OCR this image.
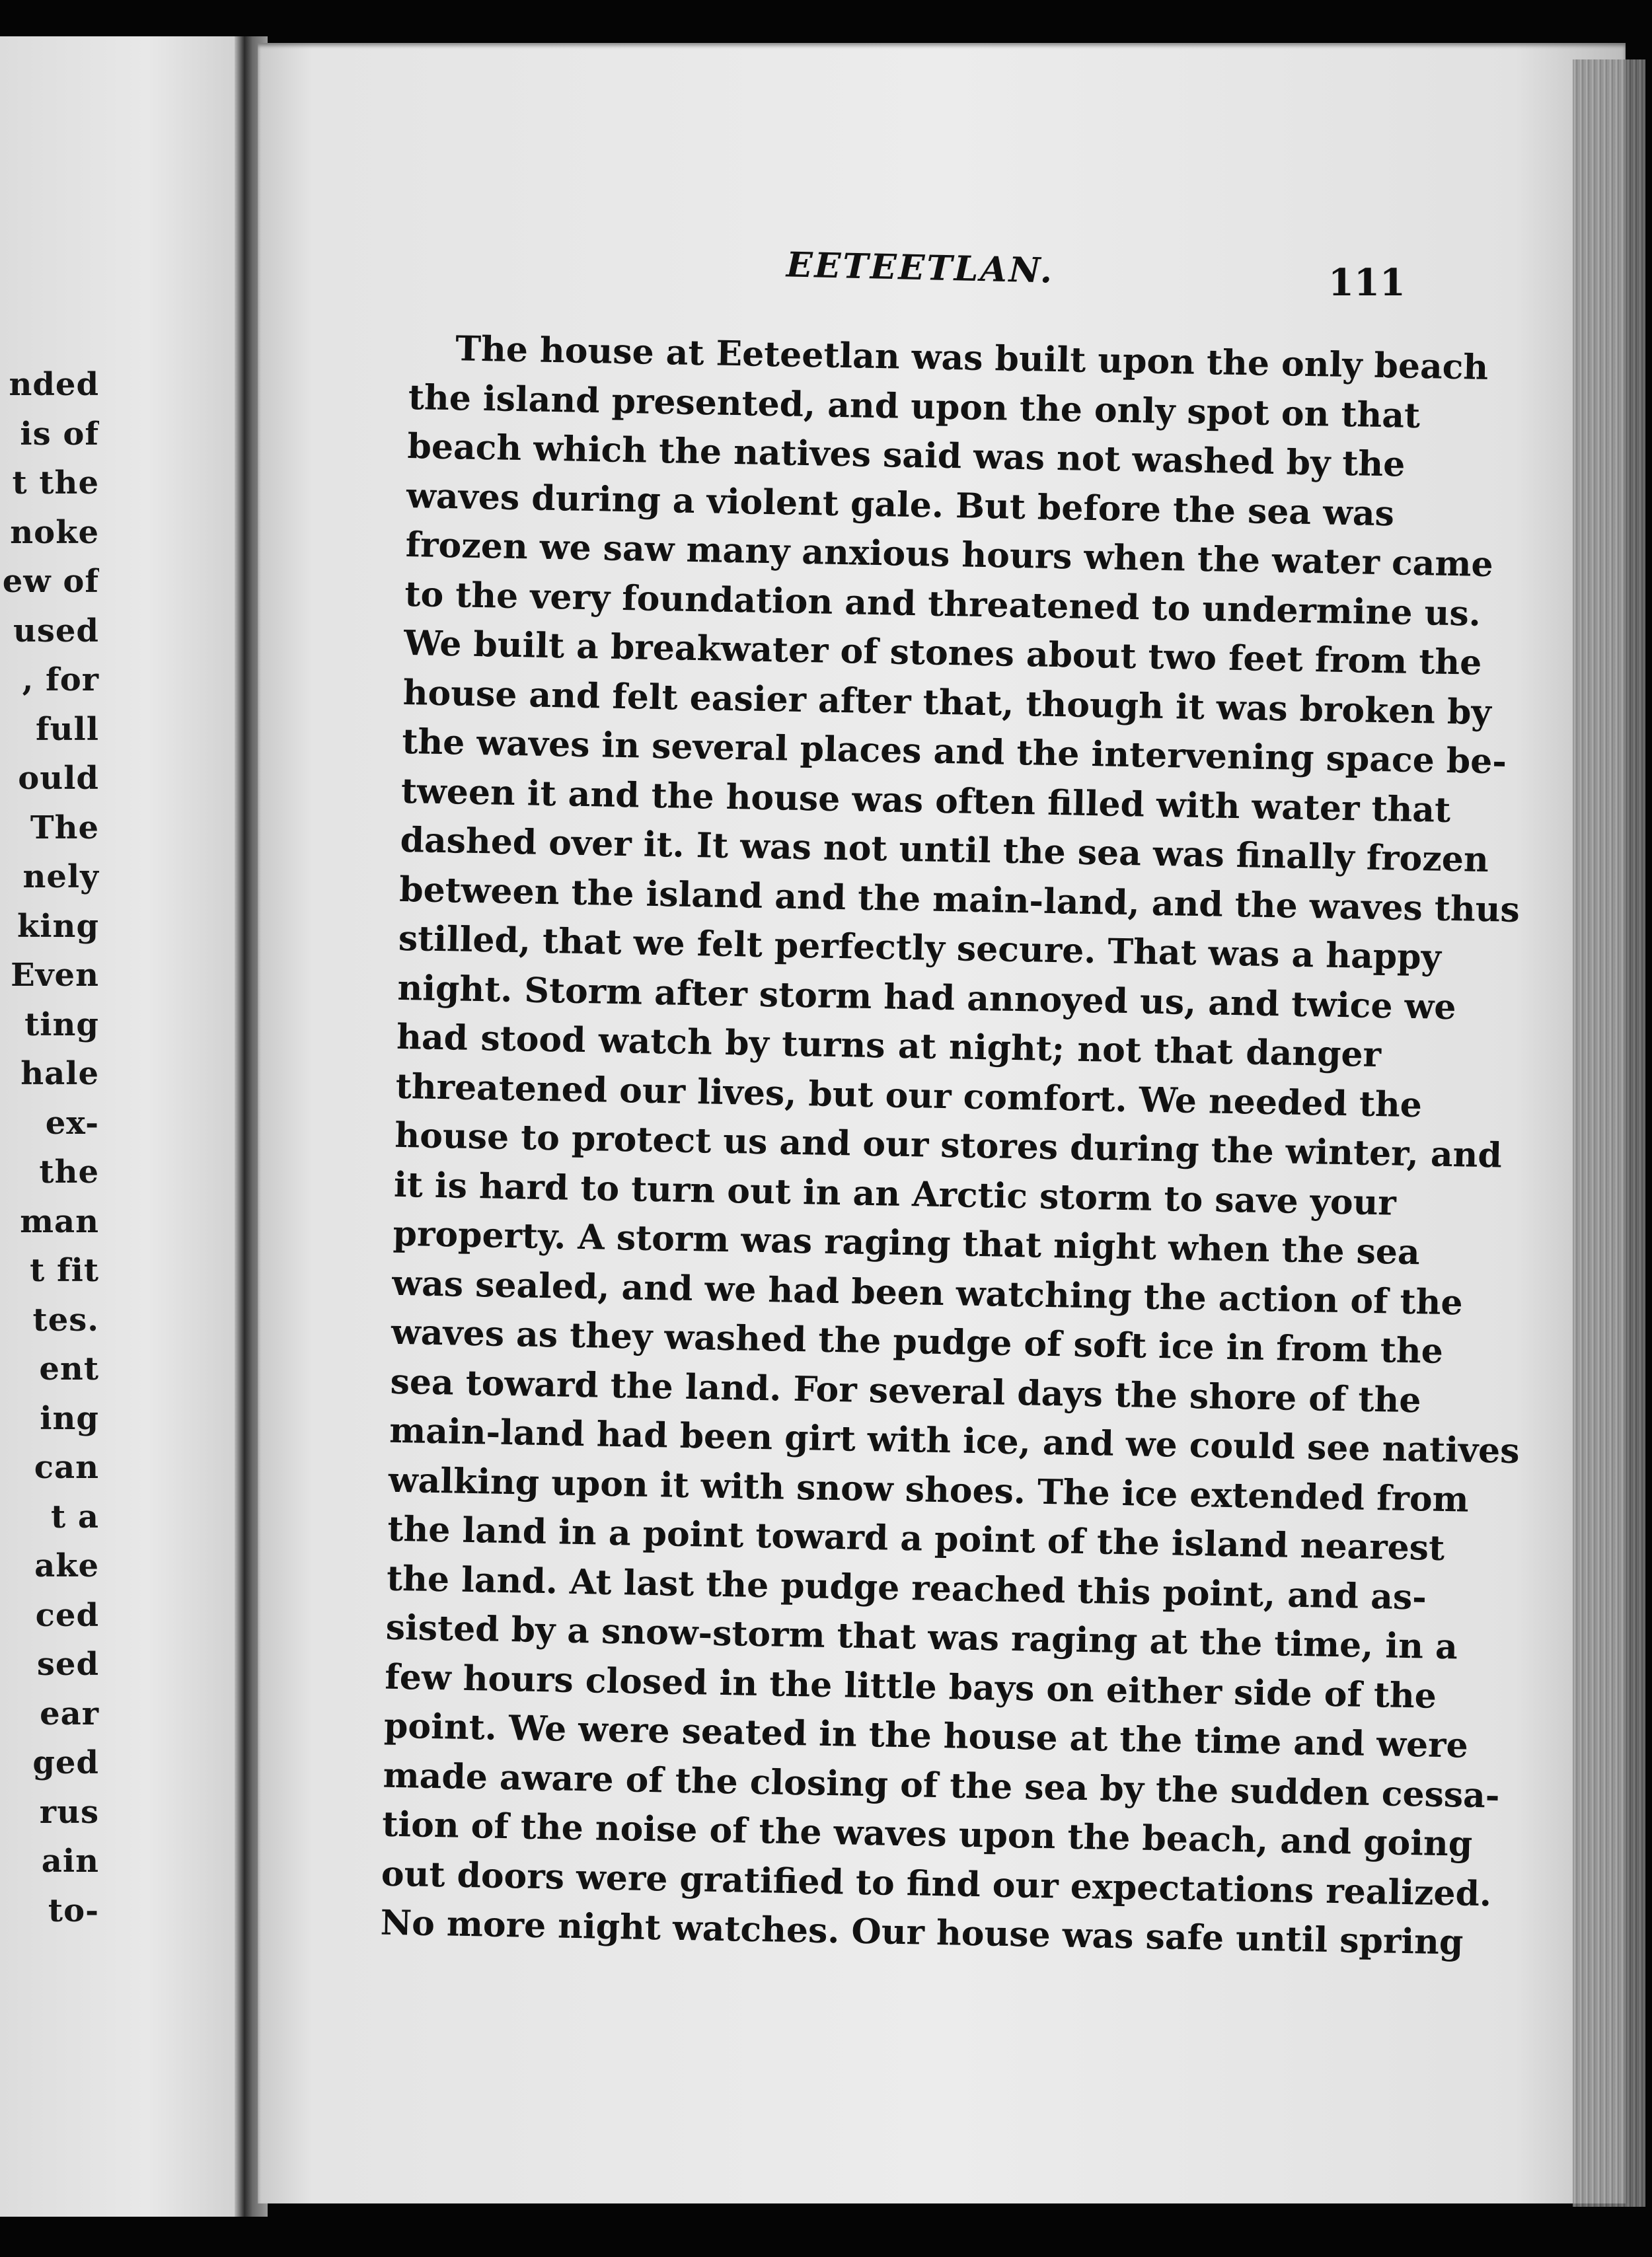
nded
is of
t the
noke
ew of
used
, for
full
ould
The
nely
king
Even
ting
hale
ex-
the
man
t fit
tes.
ent
ing
can
t a
ake
ced
sed
ear
ged
rus
ain
to-
EETEETLAN.	111
The house at Eeteetlan was built upon the only beach
the island presented, and upon the only spot on that
beach which the natives said was not washed by the
waves during a violent gale. But before the sea was
frozen we saw many anxious hours when the water came
to the very foundation and threatened to undermine us.
We built a breakwater of stones about two feet from the
house and felt easier after that, though it was broken by
the waves in several places and the intervening space be-
tween it and the house was often filled with water that
dashed over it. It was not until the sea was finally frozen
between the island and the main-land, and the waves thus
stilled, that we felt perfectly secure. That was a happy
night. Storm after storm had annoyed us, and twice we
had stood watch by turns at night; not that danger
threatened our lives, but our comfort. We needed the
house to protect us and our stores during the winter, and
it is hard to turn out in an Arctic storm to save your
property. A storm was raging that night when the sea
was sealed, and we had been watching the action of the
waves as they washed the pudge of soft ice in from the
sea toward the land. For several days the shore of the
main-land had been girt with ice, and we could see natives
walking upon it with snow shoes. The ice extended from
the land in a point toward a point of the island nearest
the land. At last the pudge reached this point, and as-
sisted by a snow-storm that was raging at the time, in a
few hours closed in the little bays on either side of the
point. We were seated in the house at the time and were
made aware of the closing of the sea by the sudden cessa-
tion of the noise of the waves upon the beach, and going
out doors were gratified to find our expectations realized.
No more night watches. Our house was safe until spring
